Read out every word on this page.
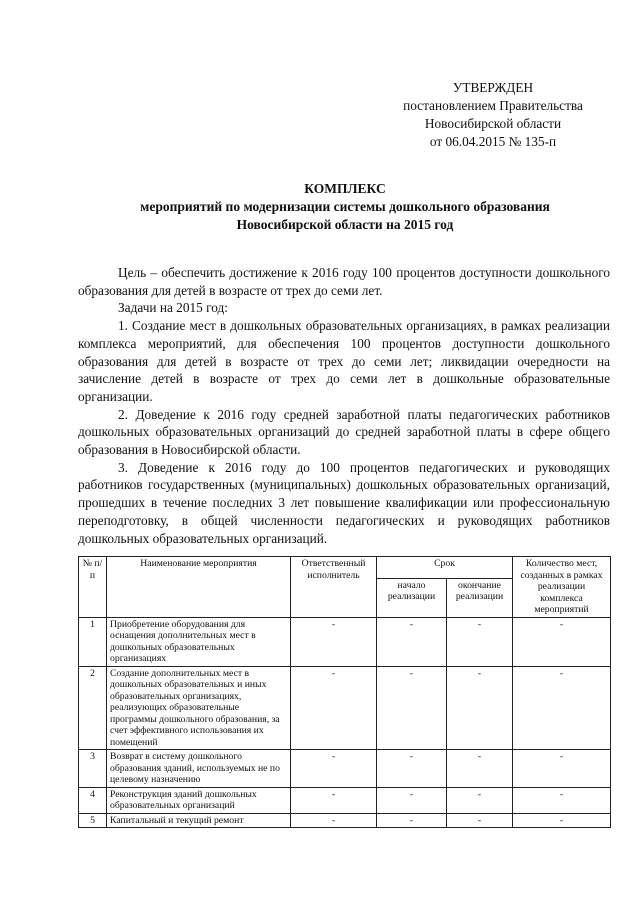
УТВЕРЖДЕН
постановлением Правительства
Новосибирской области
от 06.04.2015 № 135-п
КОМПЛЕКС
мероприятий по модернизации системы дошкольного образования
Новосибирской области на 2015 год

Цель – обеспечить достижение к 2016 году 100 процентов доступности дошкольного образования для детей в возрасте от трех до семи лет.

Задачи на 2015 год:

1. Создание мест в дошкольных образовательных организациях, в рамках реализации комплекса мероприятий, для обеспечения 100 процентов доступности дошкольного образования для детей в возрасте от трех до семи лет; ликвидации очередности на зачисление детей в возрасте от трех до семи лет в дошкольные образовательные организации.

2. Доведение к 2016 году средней заработной платы педагогических работников дошкольных образовательных организаций до средней заработной платы в сфере общего образования в Новосибирской области.

3. Доведение к 2016 году до 100 процентов педагогических и руководящих работников государственных (муниципальных) дошкольных образовательных организаций, прошедших в течение последних 3 лет повышение квалификации или профессиональную переподготовку, в общей численности педагогических и руководящих работников дошкольных образовательных организаций.

№ п/п	Наименование мероприятия	Ответственный исполнитель	Срок		Количество мест, созданных в рамках реализации комплекса мероприятий
			начало реализации	окончание реализации	
1	Приобретение оборудования для оснащения дополнительных мест в дошкольных образовательных организациях	-	-	-	-
2	Создание дополнительных мест в дошкольных образовательных и иных образовательных организациях, реализующих образовательные программы дошкольного образования, за счет эффективного использования их помещений	-	-	-	-
3	Возврат в систему дошкольного образования зданий, используемых не по целевому назначению	-	-	-	-
4	Реконструкция зданий дошкольных образовательных организаций	-	-	-	-
5	Капитальный и текущий ремонт	-	-	-	-
